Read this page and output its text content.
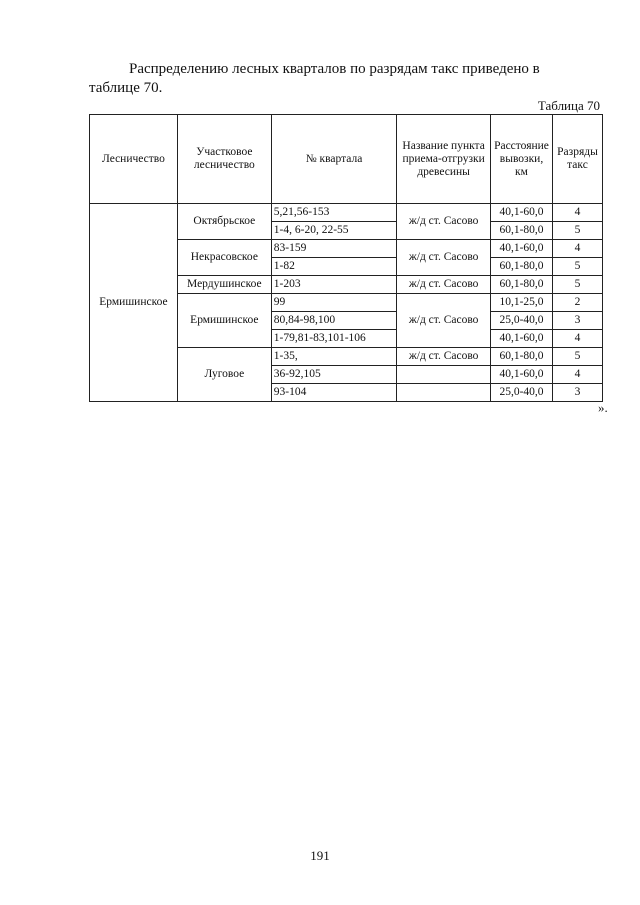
Распределению лесных кварталов по разрядам такс приведено в таблице 70.

Таблица 70
Лесничество	Участковое лесничество	№ квартала	Название пункта приема-отгрузки древесины	Расстояние вывозки, км	Разряды такс
Ермишинское	Октябрьское	5,21,56-153	ж/д ст. Сасово	40,1-60,0	4
		1-4, 6-20, 22-55		60,1-80,0	5
	Некрасовское	83-159	ж/д ст. Сасово	40,1-60,0	4
		1-82		60,1-80,0	5
	Мердушинское	1-203	ж/д ст. Сасово	60,1-80,0	5
	Ермишинское	99	ж/д ст. Сасово	10,1-25,0	2
		80,84-98,100		25,0-40,0	3
		1-79,81-83,101-106		40,1-60,0	4
	Луговое	1-35,	ж/д ст. Сасово	60,1-80,0	5
		36-92,105		40,1-60,0	4
		93-104		25,0-40,0	3
».
191
